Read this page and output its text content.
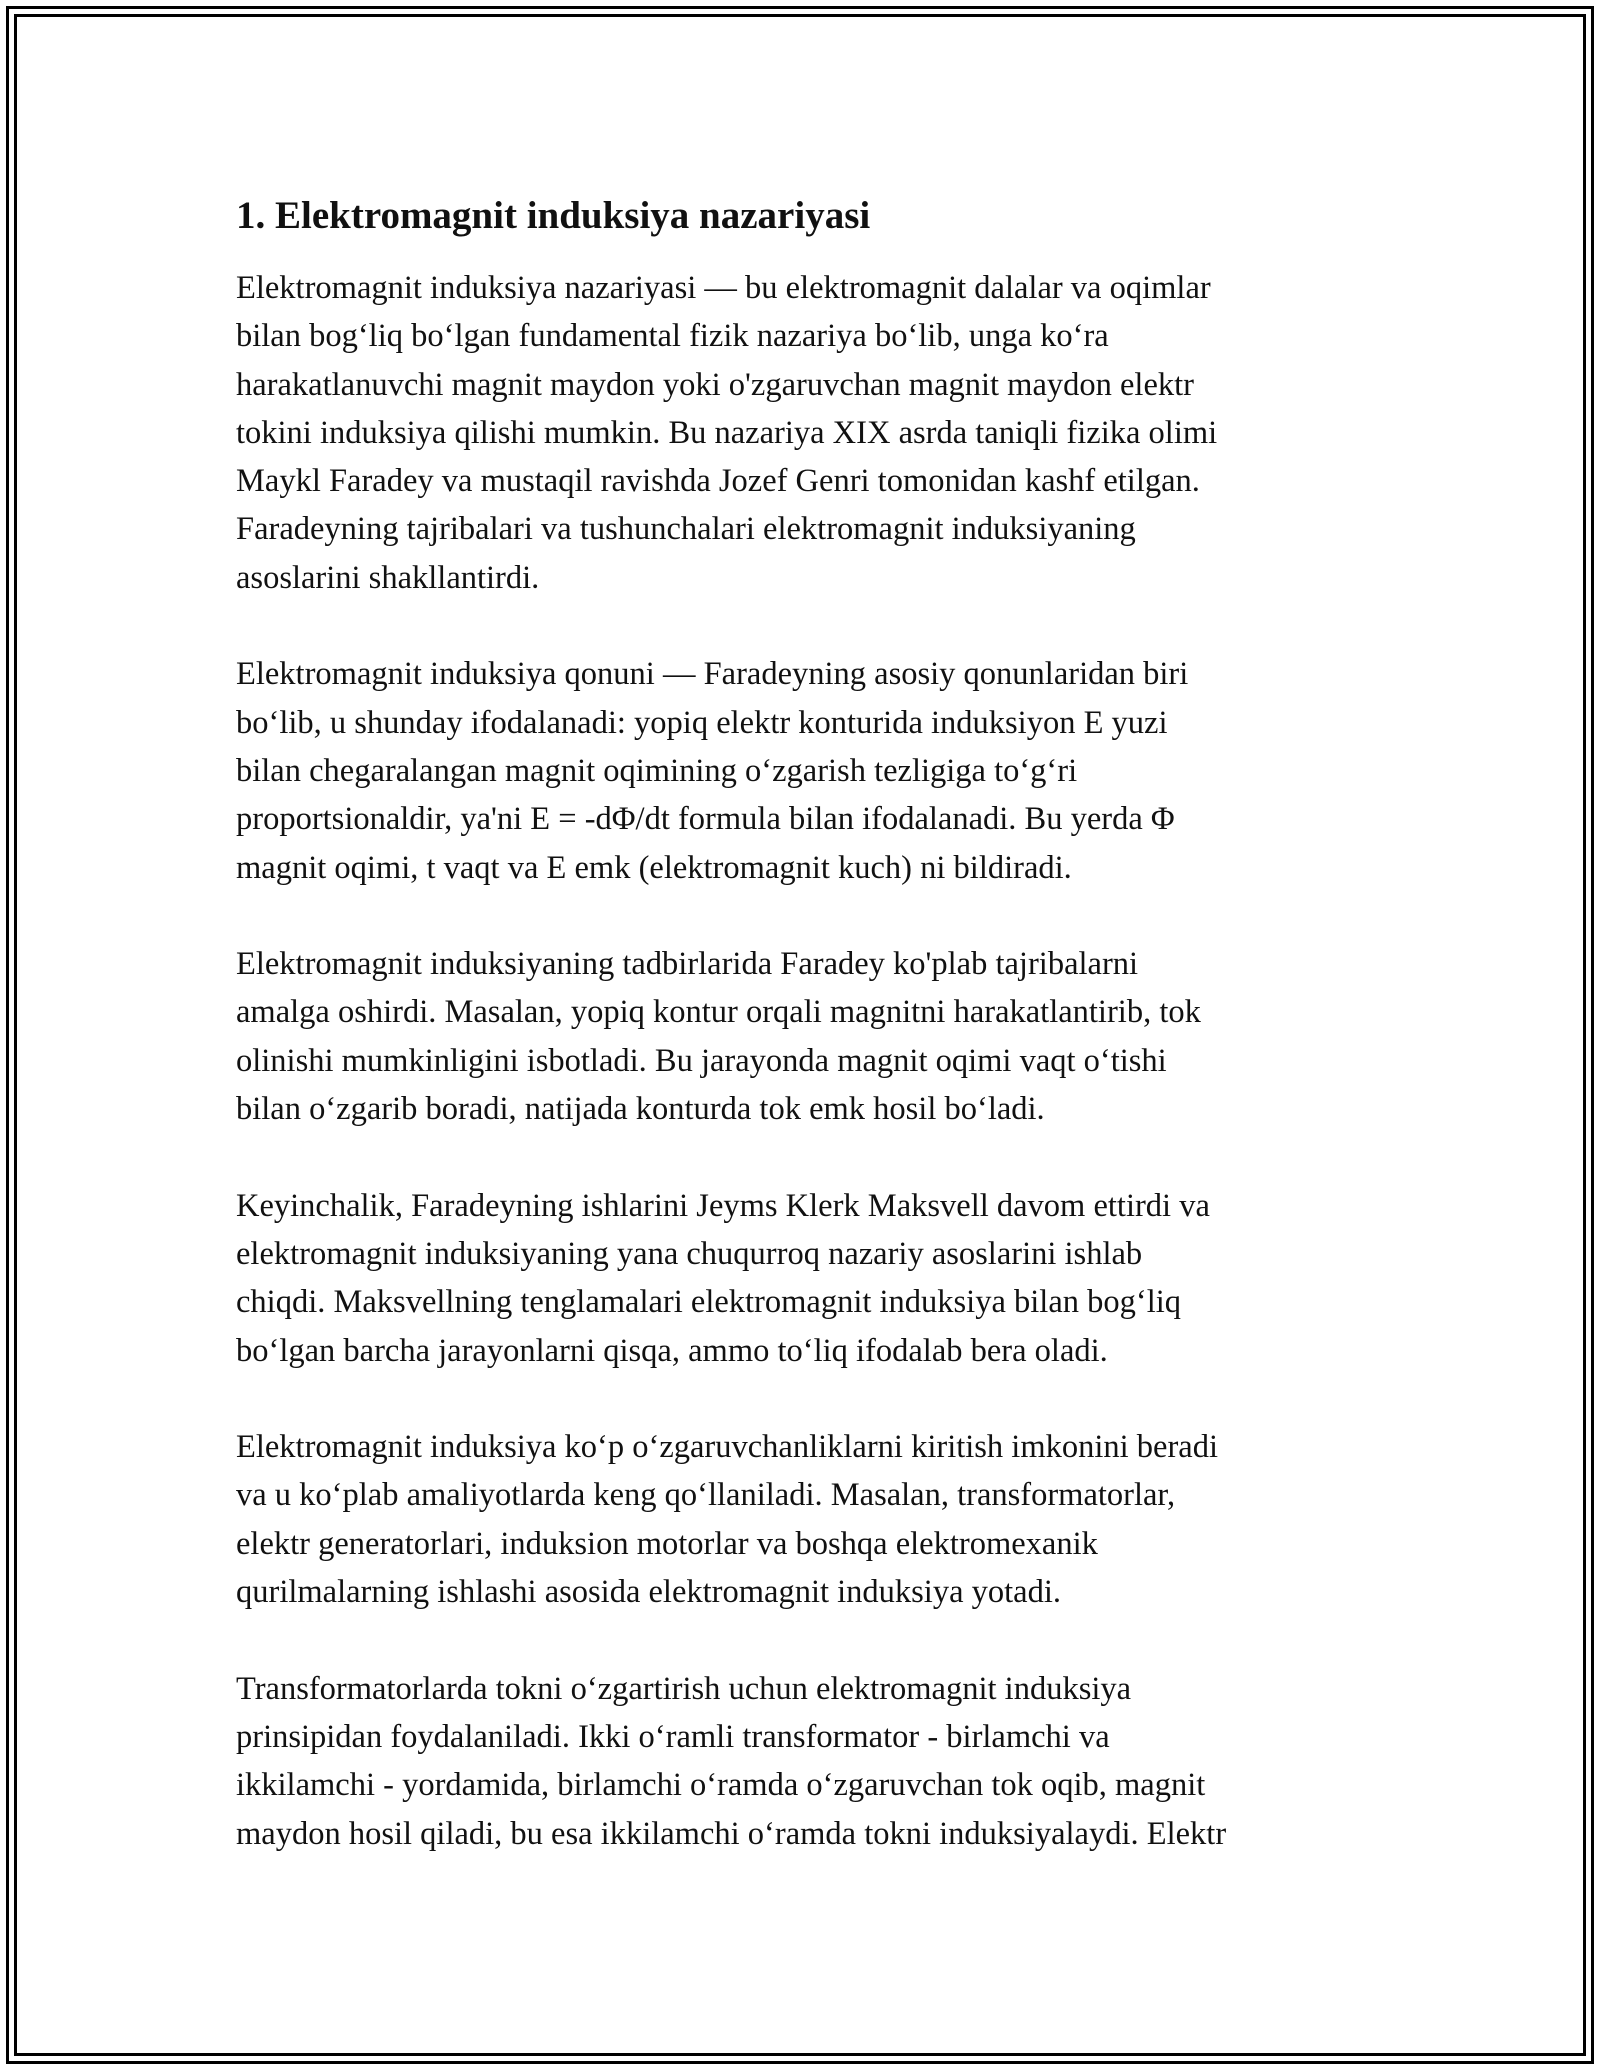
1. Elektromagnit induksiya nazariyasi

Elektromagnit induksiya nazariyasi — bu elektromagnit dalalar va oqimlar
bilan bog‘liq bo‘lgan fundamental fizik nazariya bo‘lib, unga ko‘ra
harakatlanuvchi magnit maydon yoki o'zgaruvchan magnit maydon elektr
tokini induksiya qilishi mumkin. Bu nazariya XIX asrda taniqli fizika olimi
Maykl Faradey va mustaqil ravishda Jozef Genri tomonidan kashf etilgan.
Faradeyning tajribalari va tushunchalari elektromagnit induksiyaning
asoslarini shakllantirdi.

Elektromagnit induksiya qonuni — Faradeyning asosiy qonunlaridan biri
bo‘lib, u shunday ifodalanadi: yopiq elektr konturida induksiyon E yuzi
bilan chegaralangan magnit oqimining o‘zgarish tezligiga to‘g‘ri
proportsionaldir, ya'ni E = -dΦ/dt formula bilan ifodalanadi. Bu yerda Φ
magnit oqimi, t vaqt va E emk (elektromagnit kuch) ni bildiradi.

Elektromagnit induksiyaning tadbirlarida Faradey ko'plab tajribalarni
amalga oshirdi. Masalan, yopiq kontur orqali magnitni harakatlantirib, tok
olinishi mumkinligini isbotladi. Bu jarayonda magnit oqimi vaqt o‘tishi
bilan o‘zgarib boradi, natijada konturda tok emk hosil bo‘ladi.

Keyinchalik, Faradeyning ishlarini Jeyms Klerk Maksvell davom ettirdi va
elektromagnit induksiyaning yana chuqurroq nazariy asoslarini ishlab
chiqdi. Maksvellning tenglamalari elektromagnit induksiya bilan bog‘liq
bo‘lgan barcha jarayonlarni qisqa, ammo to‘liq ifodalab bera oladi.

Elektromagnit induksiya ko‘p o‘zgaruvchanliklarni kiritish imkonini beradi
va u ko‘plab amaliyotlarda keng qo‘llaniladi. Masalan, transformatorlar,
elektr generatorlari, induksion motorlar va boshqa elektromexanik
qurilmalarning ishlashi asosida elektromagnit induksiya yotadi.

Transformatorlarda tokni o‘zgartirish uchun elektromagnit induksiya
prinsipidan foydalaniladi. Ikki o‘ramli transformator - birlamchi va
ikkilamchi - yordamida, birlamchi o‘ramda o‘zgaruvchan tok oqib, magnit
maydon hosil qiladi, bu esa ikkilamchi o‘ramda tokni induksiyalaydi. Elektr
